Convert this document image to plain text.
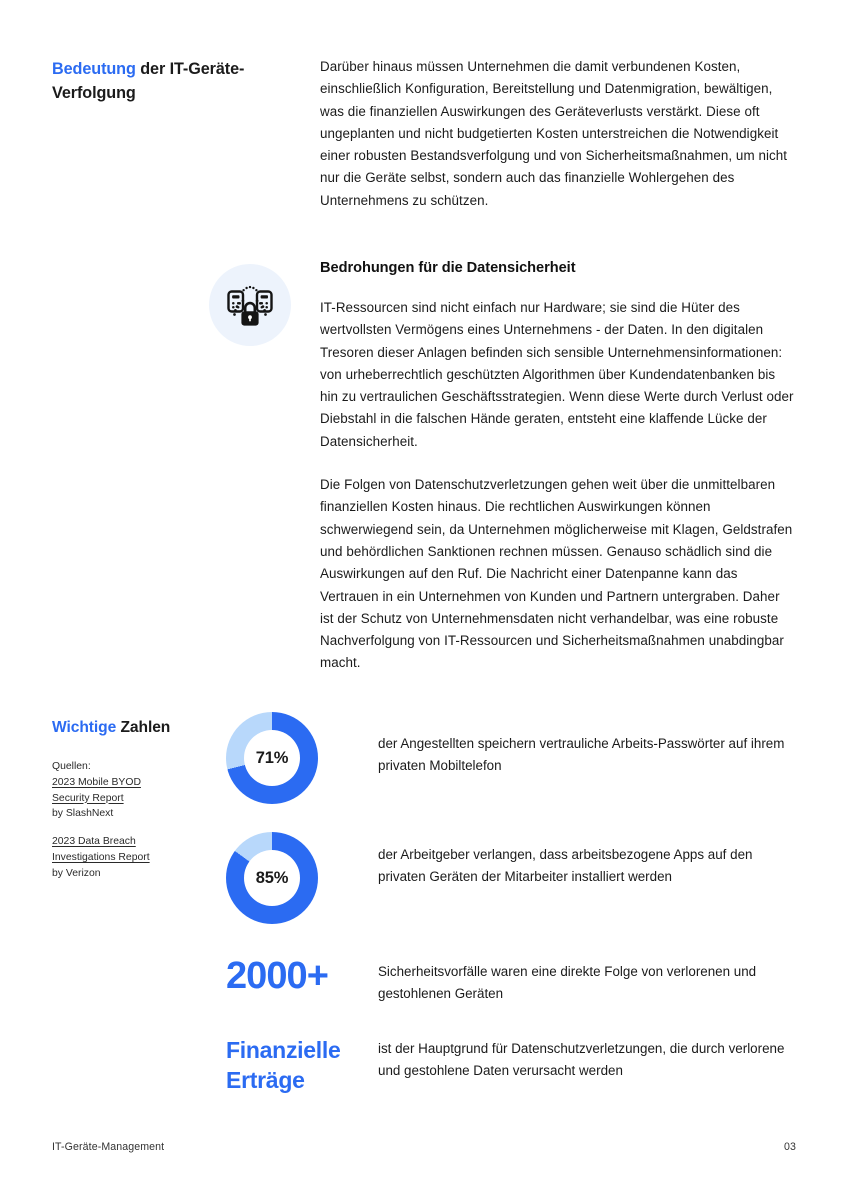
Bedeutung der IT-Geräte-Verfolgung

Darüber hinaus müssen Unternehmen die damit verbundenen Kosten, einschließlich Konfiguration, Bereitstellung und Datenmigration, bewältigen, was die finanziellen Auswirkungen des Geräteverlusts verstärkt. Diese oft ungeplanten und nicht budgetierten Kosten unterstreichen die Notwendigkeit einer robusten Bestandsverfolgung und von Sicherheitsmaßnahmen, um nicht nur die Geräte selbst, sondern auch das finanzielle Wohlergehen des Unternehmens zu schützen.

Bedrohungen für die Datensicherheit

IT-Ressourcen sind nicht einfach nur Hardware; sie sind die Hüter des wertvollsten Vermögens eines Unternehmens - der Daten. In den digitalen Tresoren dieser Anlagen befinden sich sensible Unternehmensinformationen: von urheberrechtlich geschützten Algorithmen über Kundendatenbanken bis hin zu vertraulichen Geschäftsstrategien. Wenn diese Werte durch Verlust oder Diebstahl in die falschen Hände geraten, entsteht eine klaffende Lücke der Datensicherheit.

Die Folgen von Datenschutzverletzungen gehen weit über die unmittelbaren finanziellen Kosten hinaus. Die rechtlichen Auswirkungen können schwerwiegend sein, da Unternehmen möglicherweise mit Klagen, Geldstrafen und behördlichen Sanktionen rechnen müssen. Genauso schädlich sind die Auswirkungen auf den Ruf. Die Nachricht einer Datenpanne kann das Vertrauen in ein Unternehmen von Kunden und Partnern untergraben. Daher ist der Schutz von Unternehmensdaten nicht verhandelbar, was eine robuste Nachverfolgung von IT-Ressourcen und Sicherheitsmaßnahmen unabdingbar macht.

Wichtige Zahlen
Quellen:
2023 Mobile BYOD
Security Report
by SlashNext
2023 Data Breach
Investigations Report
by Verizon
71%
der Angestellten speichern vertrauliche Arbeits-Passwörter auf ihrem privaten Mobiltelefon
85%
der Arbeitgeber verlangen, dass arbeitsbezogene Apps auf den privaten Geräten der Mitarbeiter installiert werden
2000+	Sicherheitsvorfälle waren eine direkte Folge von verlorenen und gestohlenen Geräten
Finanzielle Erträge
ist der Hauptgrund für Datenschutzverletzungen, die durch verlorene und gestohlene Daten verursacht werden
IT-Geräte-Management	03
